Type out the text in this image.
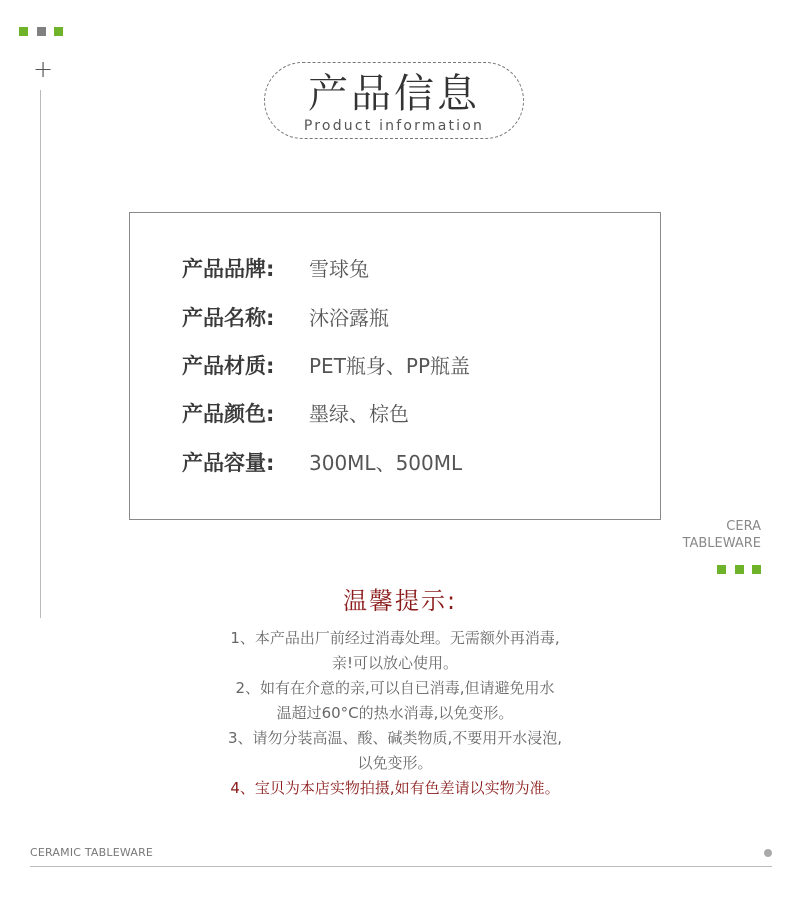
+
产品信息
Product information
产品品牌: 雪球兔
产品名称: 沐浴露瓶
产品材质: PET瓶身、PP瓶盖
产品颜色: 墨绿、棕色
产品容量: 300ML、500ML
CERA
TABLEWARE
温馨提示:
1、本产品出厂前经过消毒处理。无需额外再消毒,
亲!可以放心使用。
2、如有在介意的亲,可以自已消毒,但请避免用水
温超过60°C的热水消毒,以免变形。
3、请勿分装高温、酸、碱类物质,不要用开水浸泡,
以免变形。
4、宝贝为本店实物拍摄,如有色差请以实物为准。
CERAMIC TABLEWARE
